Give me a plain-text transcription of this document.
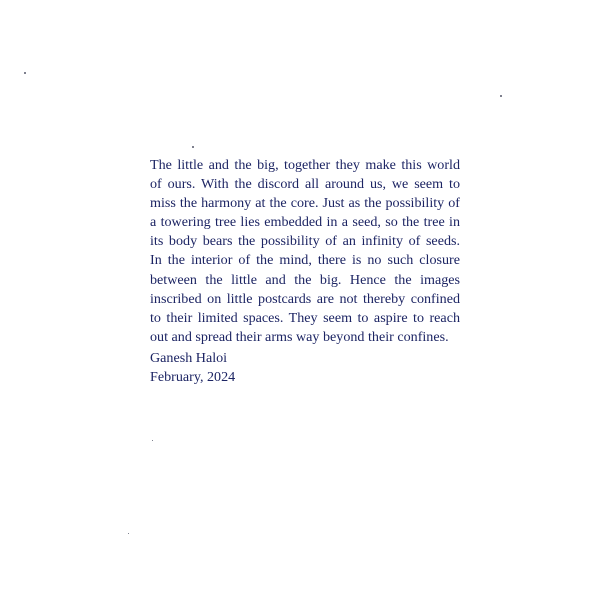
The little and the big, together they make this world
of ours. With the discord all around us, we seem to
miss the harmony at the core. Just as the possibility of
a towering tree lies embedded in a seed, so the tree in
its body bears the possibility of an infinity of seeds.
In the interior of the mind, there is no such closure
between the little and the big. Hence the images
inscribed on little postcards are not thereby confined
to their limited spaces. They seem to aspire to reach
out and spread their arms way beyond their confines.
Ganesh Haloi
February, 2024
